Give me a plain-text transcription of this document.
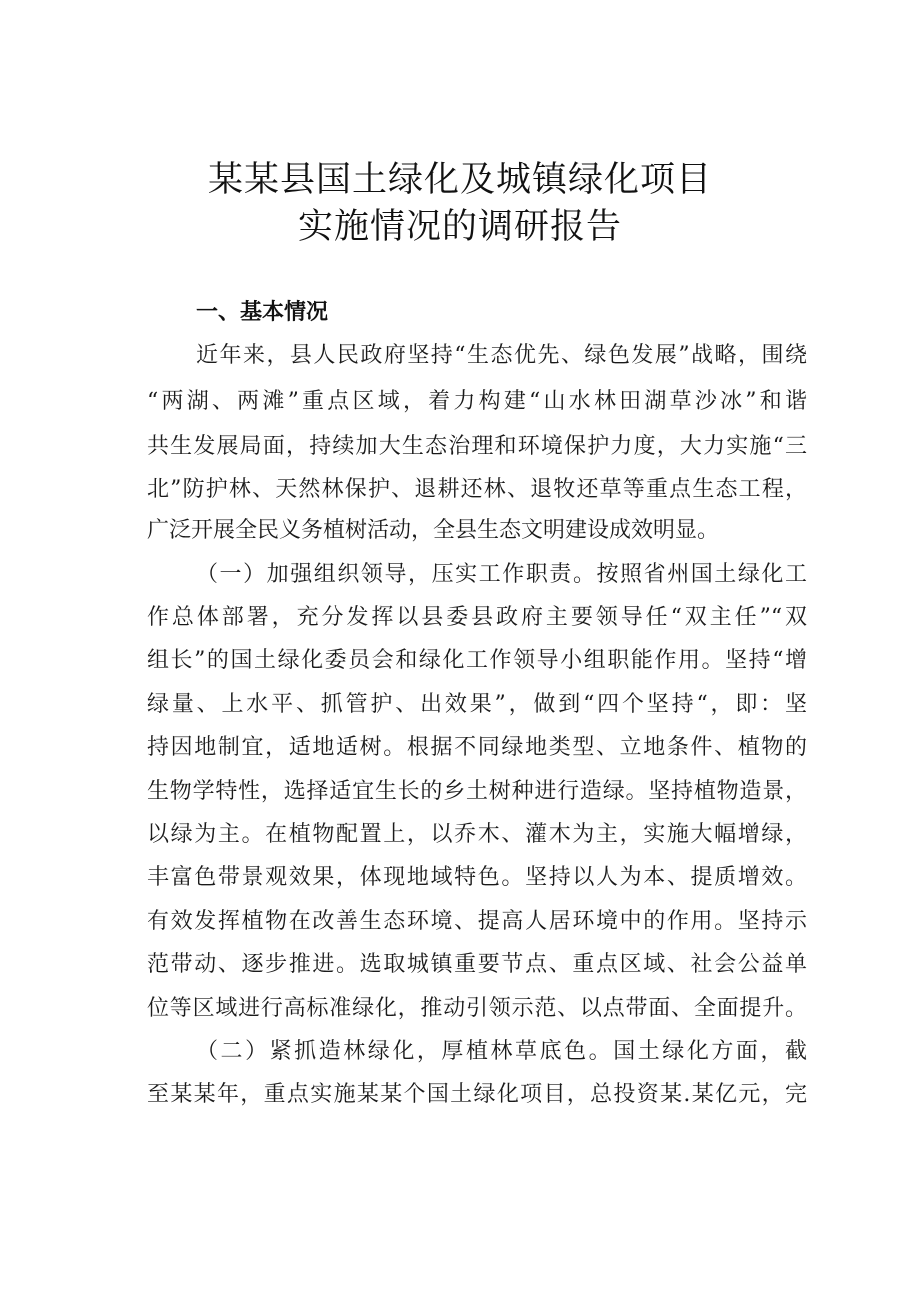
某某县国土绿化及城镇绿化项目
实施情况的调研报告
一、基本情况
近年来，县人民政府坚持“生态优先、绿色发展”战略，围绕
“两湖、两滩”重点区域，着力构建“山水林田湖草沙冰”和谐
共生发展局面，持续加大生态治理和环境保护力度，大力实施“三
北”防护林、天然林保护、退耕还林、退牧还草等重点生态工程，
广泛开展全民义务植树活动，全县生态文明建设成效明显。
（一）加强组织领导，压实工作职责。按照省州国土绿化工
作总体部署，充分发挥以县委县政府主要领导任“双主任”“双
组长”的国土绿化委员会和绿化工作领导小组职能作用。坚持“增
绿量、上水平、抓管护、出效果”，做到“四个坚持“，即：坚
持因地制宜，适地适树。根据不同绿地类型、立地条件、植物的
生物学特性，选择适宜生长的乡土树种进行造绿。坚持植物造景，
以绿为主。在植物配置上，以乔木、灌木为主，实施大幅增绿，
丰富色带景观效果，体现地域特色。坚持以人为本、提质增效。
有效发挥植物在改善生态环境、提高人居环境中的作用。坚持示
范带动、逐步推进。选取城镇重要节点、重点区域、社会公益单
位等区域进行高标准绿化，推动引领示范、以点带面、全面提升。
（二）紧抓造林绿化，厚植林草底色。国土绿化方面，截
至某某年，重点实施某某个国土绿化项目，总投资某.某亿元，完
